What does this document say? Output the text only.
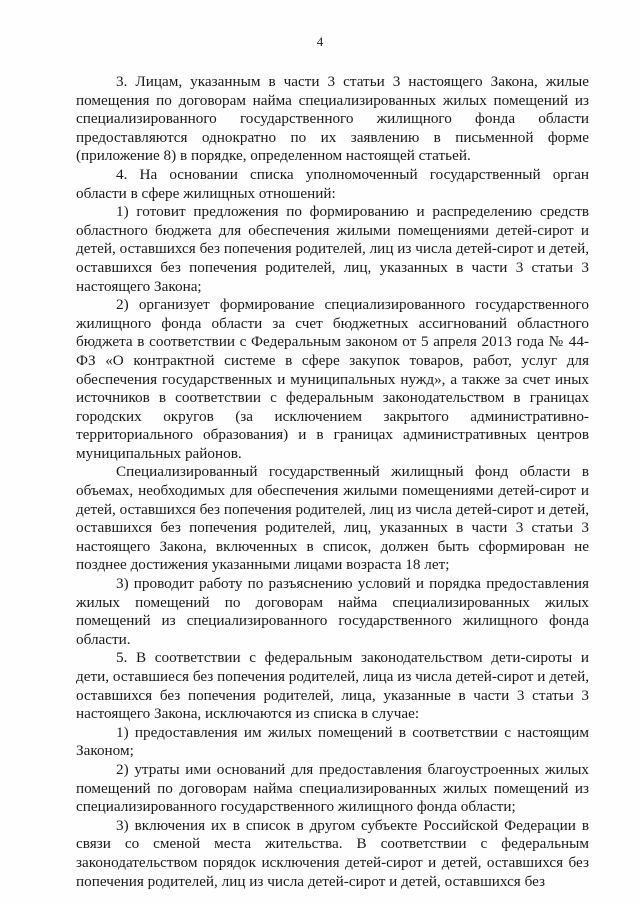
4

3. Лицам, указанным в части 3 статьи 3 настоящего Закона, жилые помещения по договорам найма специализированных жилых помещений из специализированного государственного жилищного фонда области предоставляются однократно по их заявлению в письменной форме (приложение 8) в порядке, определенном настоящей статьей.

4. На основании списка уполномоченный государственный орган области в сфере жилищных отношений:

1) готовит предложения по формированию и распределению средств областного бюджета для обеспечения жилыми помещениями детей-сирот и детей, оставшихся без попечения родителей, лиц из числа детей-сирот и детей, оставшихся без попечения родителей, лиц, указанных в части 3 статьи 3 настоящего Закона;

2) организует формирование специализированного государственного жилищного фонда области за счет бюджетных ассигнований областного бюджета в соответствии с Федеральным законом от 5 апреля 2013 года № 44-ФЗ «О контрактной системе в сфере закупок товаров, работ, услуг для обеспечения государственных и муниципальных нужд», а также за счет иных источников в соответствии с федеральным законодательством в границах городских округов (за исключением закрытого административно-территориального образования) и в границах административных центров муниципальных районов.

Специализированный государственный жилищный фонд области в объемах, необходимых для обеспечения жилыми помещениями детей-сирот и детей, оставшихся без попечения родителей, лиц из числа детей-сирот и детей, оставшихся без попечения родителей, лиц, указанных в части 3 статьи 3 настоящего Закона, включенных в список, должен быть сформирован не позднее достижения указанными лицами возраста 18 лет;

3) проводит работу по разъяснению условий и порядка предоставления жилых помещений по договорам найма специализированных жилых помещений из специализированного государственного жилищного фонда области.

5. В соответствии с федеральным законодательством дети-сироты и дети, оставшиеся без попечения родителей, лица из числа детей-сирот и детей, оставшихся без попечения родителей, лица, указанные в части 3 статьи 3 настоящего Закона, исключаются из списка в случае:

1) предоставления им жилых помещений в соответствии с настоящим Законом;

2) утраты ими оснований для предоставления благоустроенных жилых помещений по договорам найма специализированных жилых помещений из специализированного государственного жилищного фонда области;

3) включения их в список в другом субъекте Российской Федерации в связи со сменой места жительства. В соответствии с федеральным законодательством порядок исключения детей-сирот и детей, оставшихся без попечения родителей, лиц из числа детей-сирот и детей, оставшихся без
